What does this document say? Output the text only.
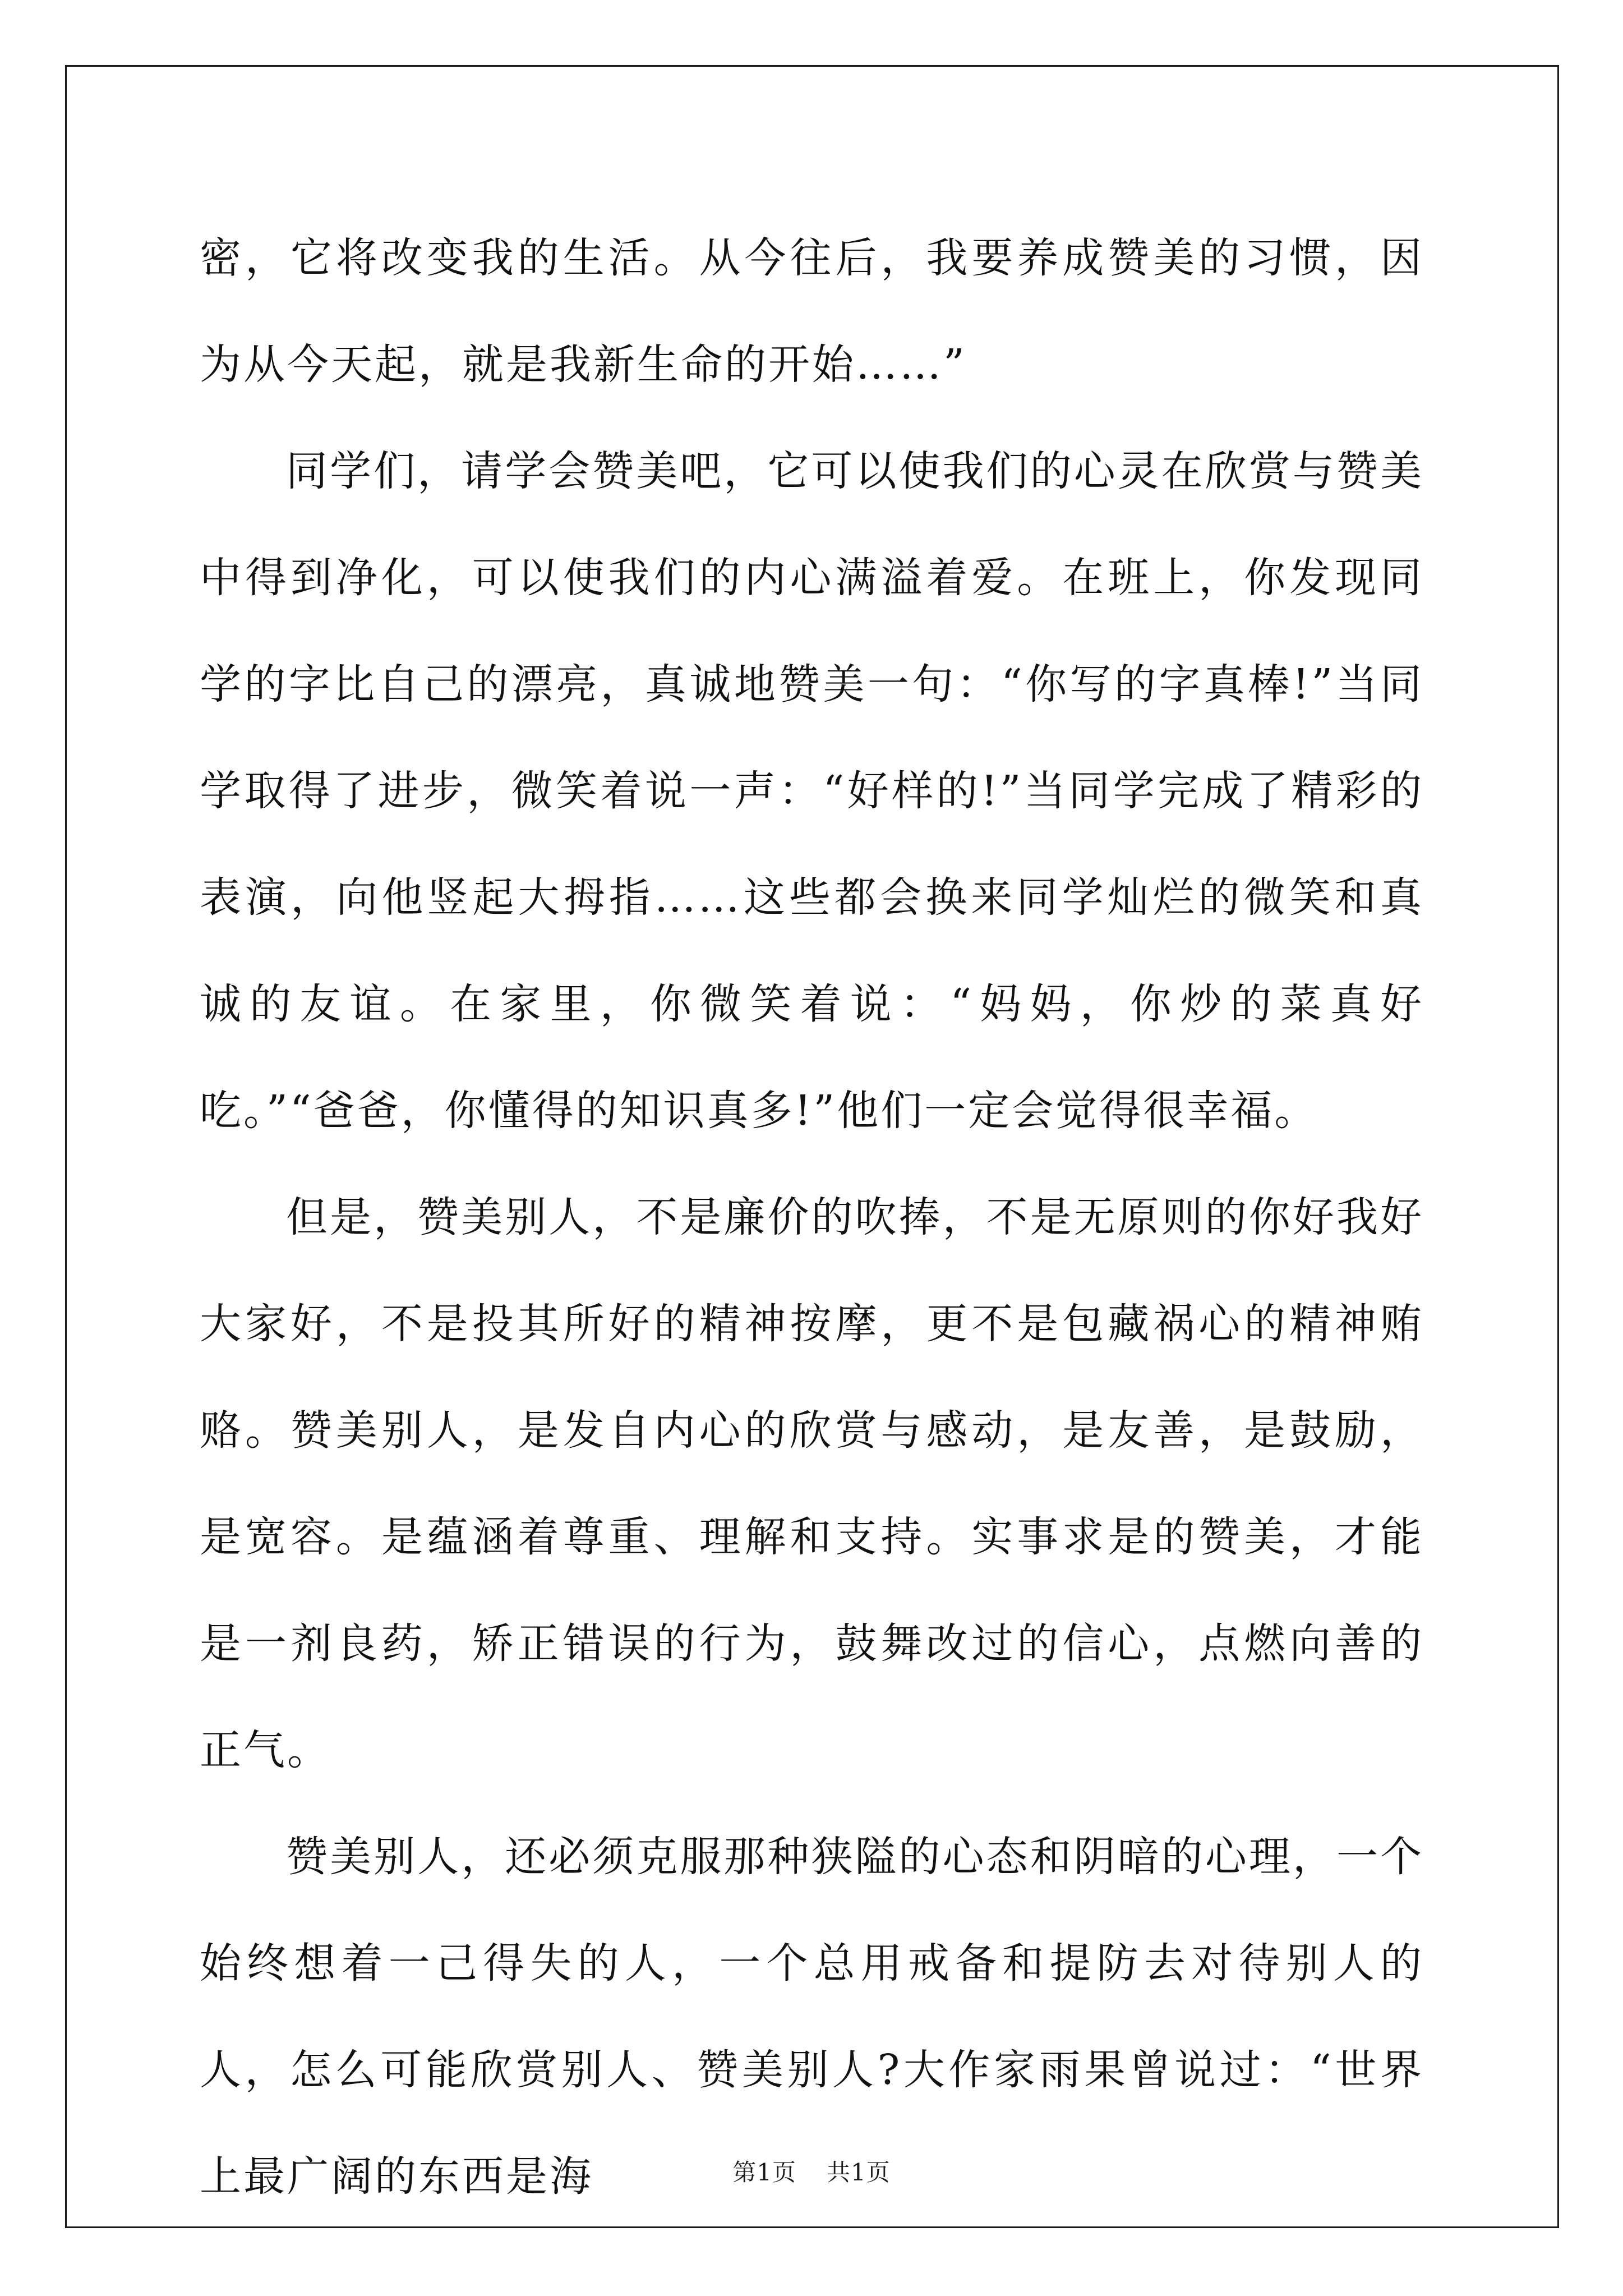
密，它将改变我的生活。从今往后，我要养成赞美的习惯，因为从今天起，就是我新生命的开始……”

同学们，请学会赞美吧，它可以使我们的心灵在欣赏与赞美中得到净化，可以使我们的内心满溢着爱。在班上，你发现同学的字比自己的漂亮，真诚地赞美一句：“你写的字真棒!”当同学取得了进步，微笑着说一声：“好样的!”当同学完成了精彩的表演，向他竖起大拇指……这些都会换来同学灿烂的微笑和真诚的友谊。在家里，你微笑着说：“妈妈，你炒的菜真好吃。”“爸爸，你懂得的知识真多!”他们一定会觉得很幸福。

但是，赞美别人，不是廉价的吹捧，不是无原则的你好我好大家好，不是投其所好的精神按摩，更不是包藏祸心的精神贿赂。赞美别人，是发自内心的欣赏与感动，是友善，是鼓励，是宽容。是蕴涵着尊重、理解和支持。实事求是的赞美，才能是一剂良药，矫正错误的行为，鼓舞改过的信心，点燃向善的正气。

赞美别人，还必须克服那种狭隘的心态和阴暗的心理，一个始终想着一己得失的人，一个总用戒备和提防去对待别人的人，怎么可能欣赏别人、赞美别人?大作家雨果曾说过：“世界上最广阔的东西是海	第1页 共1页
